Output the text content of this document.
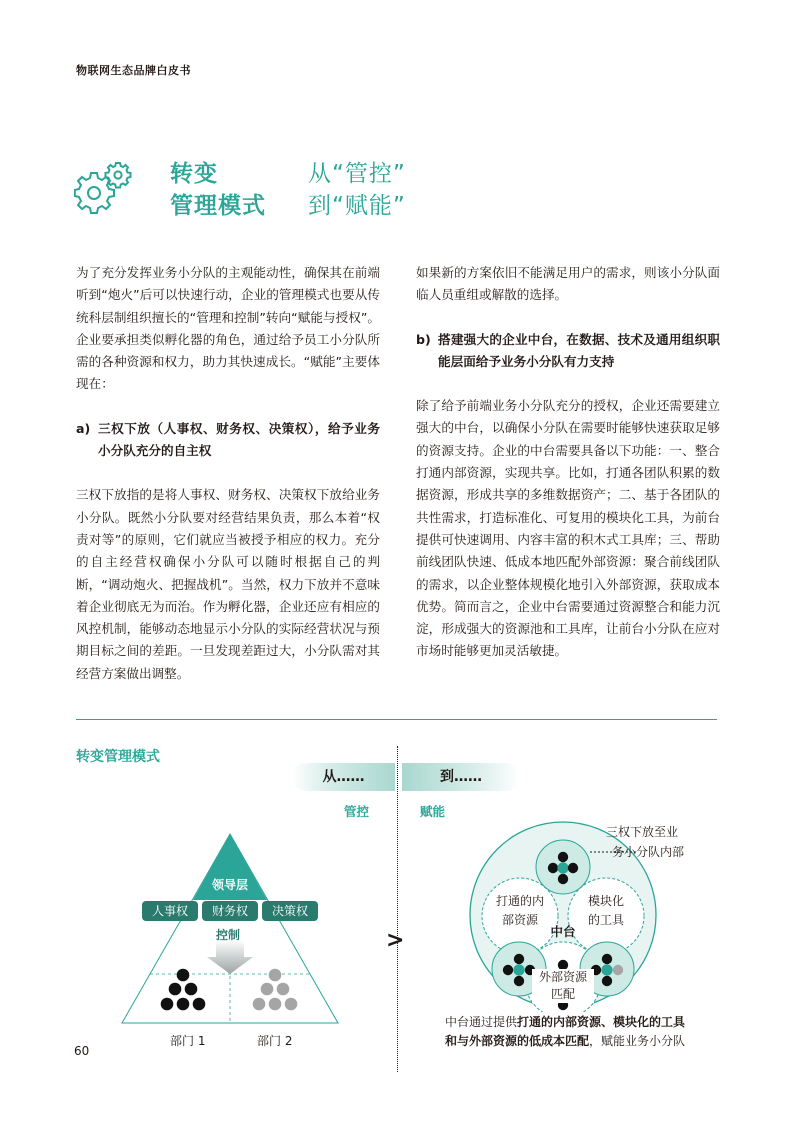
物联网生态品牌白皮书
转变
管理模式
从“管控”
到“赋能”

为了充分发挥业务小分队的主观能动性，确保其在前端听到“炮火”后可以快速行动，企业的管理模式也要从传统科层制组织擅长的“管理和控制”转向“赋能与授权”。企业要承担类似孵化器的角色，通过给予员工小分队所需的各种资源和权力，助力其快速成长。“赋能”主要体现在：

a) 三权下放（人事权、财务权、决策权），给予业务小分队充分的自主权

三权下放指的是将人事权、财务权、决策权下放给业务小分队。既然小分队要对经营结果负责，那么本着“权责对等”的原则，它们就应当被授予相应的权力。充分的自主经营权确保小分队可以随时根据自己的判断，“调动炮火、把握战机”。当然，权力下放并不意味着企业彻底无为而治。作为孵化器，企业还应有相应的风控机制，能够动态地显示小分队的实际经营状况与预期目标之间的差距。一旦发现差距过大，小分队需对其经营方案做出调整。

如果新的方案依旧不能满足用户的需求，则该小分队面临人员重组或解散的选择。

b) 搭建强大的企业中台，在数据、技术及通用组织职能层面给予业务小分队有力支持

除了给予前端业务小分队充分的授权，企业还需要建立强大的中台，以确保小分队在需要时能够快速获取足够的资源支持。企业的中台需要具备以下功能：一、整合打通内部资源，实现共享。比如，打通各团队积累的数据资源，形成共享的多维数据资产；二、基于各团队的共性需求，打造标准化、可复用的模块化工具，为前台提供可快速调用、内容丰富的积木式工具库；三、帮助前线团队快速、低成本地匹配外部资源：聚合前线团队的需求，以企业整体规模化地引入外部资源，获取成本优势。简而言之，企业中台需要通过资源整合和能力沉淀，形成强大的资源池和工具库，让前台小分队在应对市场时能够更加灵活敏捷。

转变管理模式
从……	到……
管控	赋能
领导层
人事权	财务权	决策权
控制
部门 1	部门 2
>
三权下放至业
务小分队内部
打通的内
部资源
模块化
的工具
中台
外部资源
匹配
中台通过提供打通的内部资源、模块化的工具
和与外部资源的低成本匹配，赋能业务小分队
60
